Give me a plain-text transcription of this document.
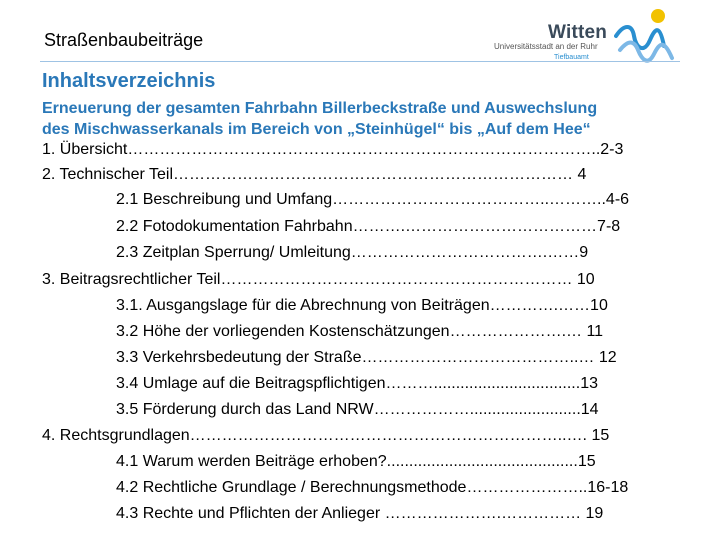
Straßenbaubeiträge	Witten
Universitätsstadt an der Ruhr
Tiefbauamt
Inhaltsverzeichnis
Erneuerung der gesamten Fahrbahn Billerbeckstraße und Auswechslung
des Mischwasserkanals im Bereich von „Steinhügel“ bis „Auf dem Hee“
1. Übersicht……………………………………………………………………………..2-3
2. Technischer Teil………………………………………………………………… 4
2.1 Beschreibung und Umfang…………………………………..………..4-6
2.2 Fotodokumentation Fahrbahn……….………………………………7-8
2.3 Zeitplan Sperrung/ Umleitung……………………………….……9
3. Beitragsrechtlicher Teil………………………………………………………… 10
3.1. Ausgangslage für die Abrechnung von Beiträgen………….……10
3.2 Höhe der vorliegenden Kostenschätzungen………………….… 11
3.3 Verkehrsbedeutung der Straße…………………………………..… 12
3.4 Umlage auf die Beitragspflichtigen……….................................13
3.5 Förderung durch das Land NRW……………….........................14
4. Rechtsgrundlagen……………………………………………………………..…. 15
4.1 Warum werden Beiträge erhoben?...........................................15
4.2 Rechtliche Grundlage / Berechnungsmethode…………………..16-18
4.3 Rechte und Pflichten der Anlieger ………………….…………… 19
